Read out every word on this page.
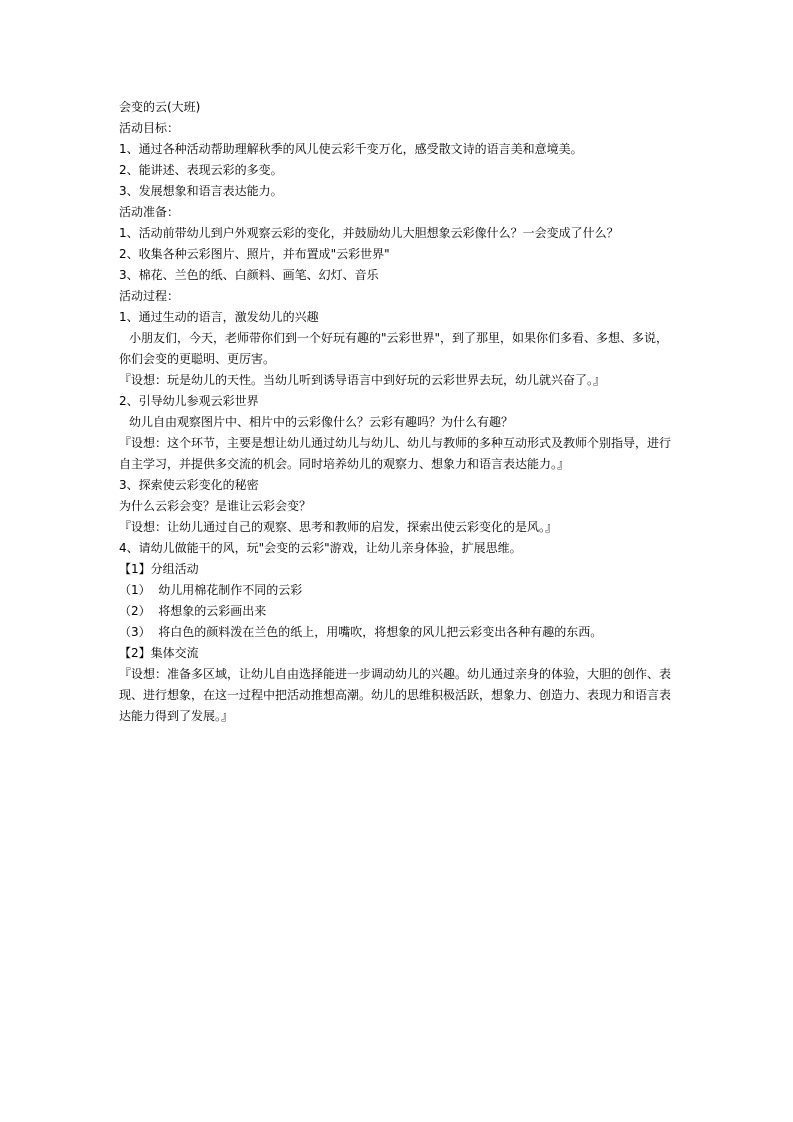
会变的云(大班)

活动目标：

1、通过各种活动帮助理解秋季的风儿使云彩千变万化，感受散文诗的语言美和意境美。

2、能讲述、表现云彩的多变。

3、发展想象和语言表达能力。

活动准备：

1、活动前带幼儿到户外观察云彩的变化，并鼓励幼儿大胆想象云彩像什么？一会变成了什么？

2、收集各种云彩图片、照片，并布置成"云彩世界"

3、棉花、兰色的纸、白颜料、画笔、幻灯、音乐

活动过程：

1、通过生动的语言，激发幼儿的兴趣

小朋友们，今天，老师带你们到一个好玩有趣的"云彩世界"，到了那里，如果你们多看、多想、多说，你们会变的更聪明、更厉害。

『设想：玩是幼儿的天性。当幼儿听到诱导语言中到好玩的云彩世界去玩，幼儿就兴奋了。』

2、引导幼儿参观云彩世界

幼儿自由观察图片中、相片中的云彩像什么？云彩有趣吗？为什么有趣？

『设想：这个环节，主要是想让幼儿通过幼儿与幼儿、幼儿与教师的多种互动形式及教师个别指导，进行自主学习，并提供多交流的机会。同时培养幼儿的观察力、想象力和语言表达能力。』

3、探索使云彩变化的秘密

为什么云彩会变？是谁让云彩会变？

『设想：让幼儿通过自己的观察、思考和教师的启发，探索出使云彩变化的是风。』

4、请幼儿做能干的风，玩"会变的云彩"游戏，让幼儿亲身体验，扩展思维。

【1】分组活动

（1）  幼儿用棉花制作不同的云彩

（2）  将想象的云彩画出来

（3）  将白色的颜料泼在兰色的纸上，用嘴吹，将想象的风儿把云彩变出各种有趣的东西。

【2】集体交流

『设想：准备多区域，让幼儿自由选择能进一步调动幼儿的兴趣。幼儿通过亲身的体验，大胆的创作、表现、进行想象，在这一过程中把活动推想高潮。幼儿的思维积极活跃，想象力、创造力、表现力和语言表达能力得到了发展。』
